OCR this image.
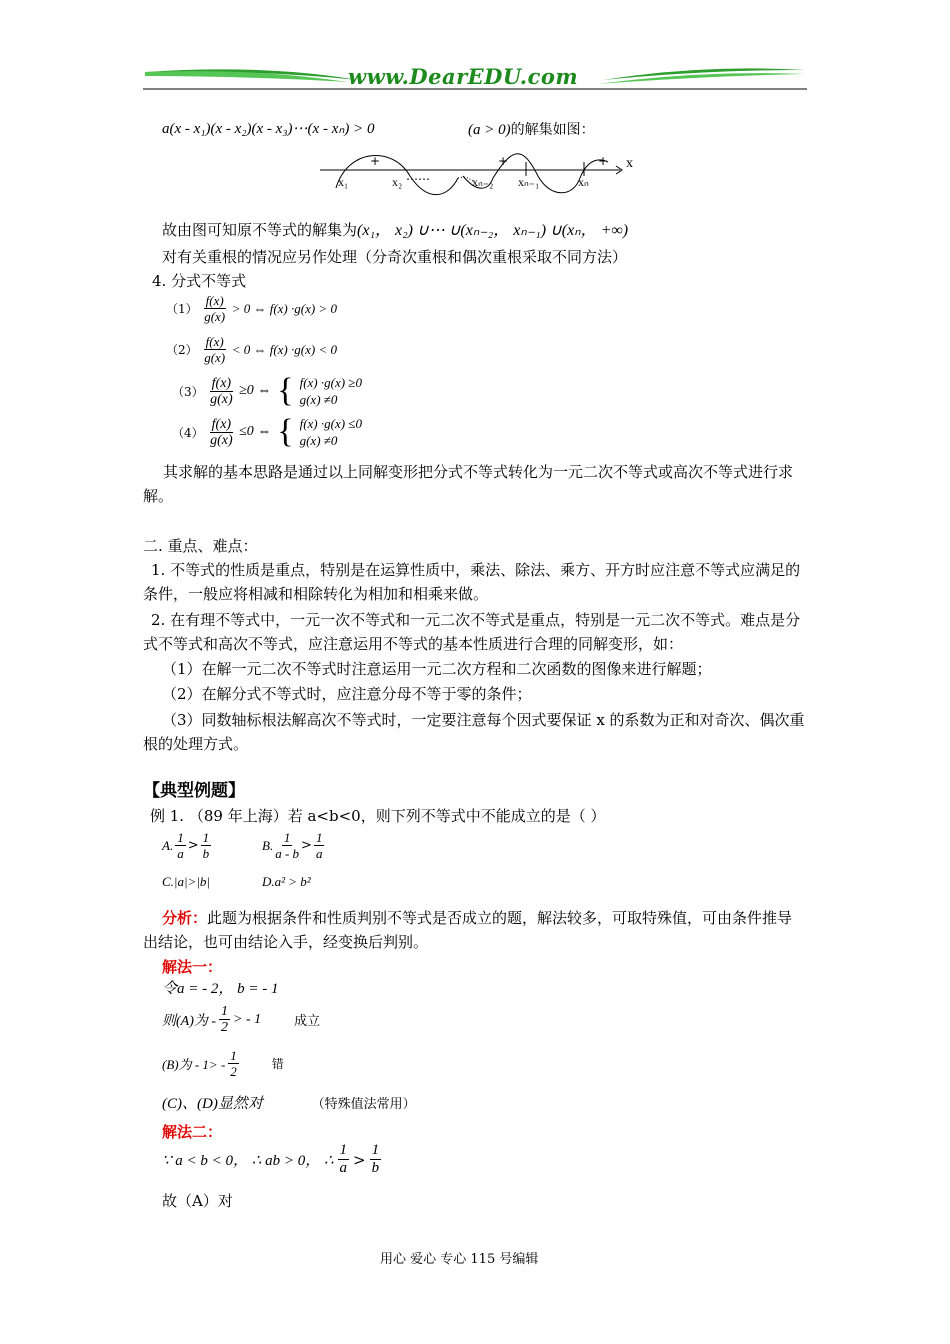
www.DearEDU.com
a(x - x₁)(x - x₂)(x - x₃)⋯(x - xₙ) > 0	(a > 0)的解集如图：
+	+	+ x
x₁	x₂ ⋯⋯	xₙ₋₂ xₙ₋₁	xₙ
故由图可知原不等式的解集为(x₁， x₂) ∪⋯ ∪(xₙ₋₂， xₙ₋₁) ∪(xₙ， +∞)
对有关重根的情况应另作处理（分奇次重根和偶次重根采取不同方法）
4. 分式不等式
$(1) \frac{f(x)}{g(x)} > 0$ ⇔ f(x) ·g(x) > 0
$(2) \frac{f(x)}{g(x)} < 0$ ⇔ f(x) ·g(x) < 0
$(3) \frac{f(x)}{g(x)} \ge 0$ ⇔ { f(x) ·g(x) ≥0
g(x) ≠0
$(4) \frac{f(x)}{g(x)} \le 0$ ⇔ { f(x) ·g(x) ≤0
g(x) ≠0
其求解的基本思路是通过以上同解变形把分式不等式转化为一元二次不等式或高次不等式进行求解。
二. 重点、难点：
1. 不等式的性质是重点，特别是在运算性质中，乘法、除法、乘方、开方时应注意不等式应满足的条件，一般应将相减和相除转化为相加和相乘来做。
2. 在有理不等式中，一元一次不等式和一元二次不等式是重点，特别是一元二次不等式。难点是分式不等式和高次不等式，应注意运用不等式的基本性质进行合理的同解变形，如：
（1）在解一元二次不等式时注意运用一元二次方程和二次函数的图像来进行解题；
（2）在解分式不等式时，应注意分母不等于零的条件；
（3）同数轴标根法解高次不等式时，一定要注意每个因式要保证 x 的系数为正和对奇次、偶次重根的处理方式。
【典型例题】
例 1. （89 年上海）若 a<b<0，则下列不等式中不能成立的是（ ）
A. $\frac{1}{a} > \frac{1}{b}$	B. $\frac{1}{a - b} > \frac{1}{a}$
C.|a|>|b|	D.a² > b²
分析：此题为根据条件和性质判别不等式是否成立的题，解法较多，可取特殊值，可由条件推导出结论，也可由结论入手，经变换后判别。
解法一：
令a = - 2， b = - 1
则(A)为 - $\frac{1}{2}$ > - 1	成立
(B)为 - $1> - \frac{1}{2}$	错
(C)、(D)显然对	（特殊值法常用）
解法二：
∵ a < b < 0， ∴ ab > 0， ∴ $\frac{1}{a} > \frac{1}{b}$
故（A）对
用心 爱心 专心 115 号编辑
